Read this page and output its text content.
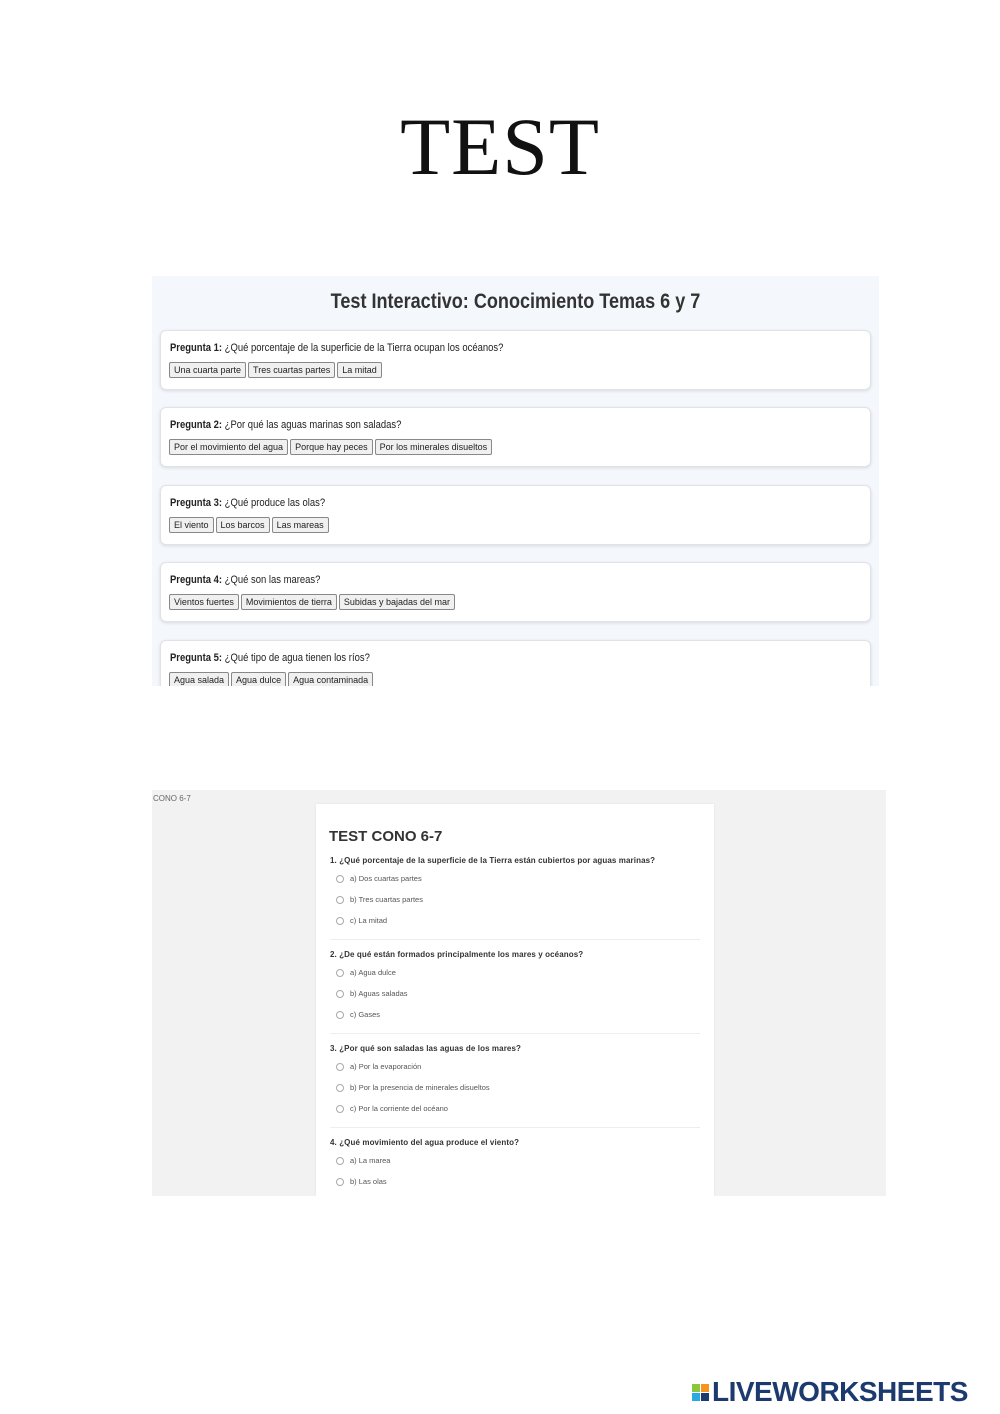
TEST
Test Interactivo: Conocimiento Temas 6 y 7
Pregunta 1: ¿Qué porcentaje de la superficie de la Tierra ocupan los océanos?
Una cuarta parte	Tres cuartas partes	La mitad
Pregunta 2: ¿Por qué las aguas marinas son saladas?
Por el movimiento del agua	Porque hay peces	Por los minerales disueltos
Pregunta 3: ¿Qué produce las olas?
El viento	Los barcos	Las mareas
Pregunta 4: ¿Qué son las mareas?
Vientos fuertes	Movimientos de tierra	Subidas y bajadas del mar
Pregunta 5: ¿Qué tipo de agua tienen los ríos?
Agua salada	Agua dulce	Agua contaminada
CONO 6-7
TEST CONO 6-7
1. ¿Qué porcentaje de la superficie de la Tierra están cubiertos por aguas marinas?
a) Dos cuartas partes
b) Tres cuartas partes
c) La mitad
2. ¿De qué están formados principalmente los mares y océanos?
a) Agua dulce
b) Aguas saladas
c) Gases
3. ¿Por qué son saladas las aguas de los mares?
a) Por la evaporación
b) Por la presencia de minerales disueltos
c) Por la corriente del océano
4. ¿Qué movimiento del agua produce el viento?
a) La marea
b) Las olas
LIVEWORKSHEETS
